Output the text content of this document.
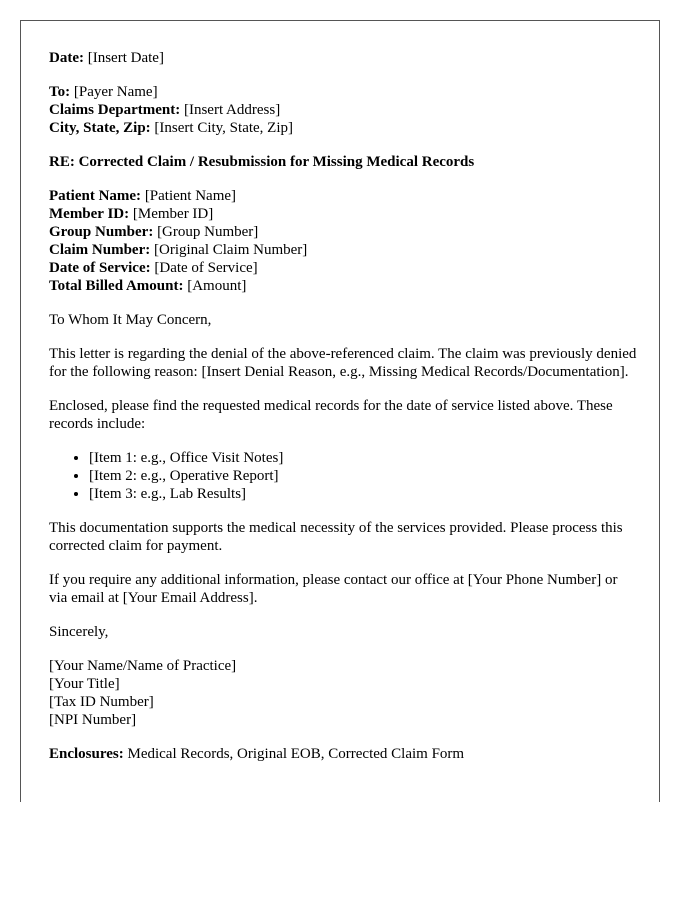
Date: [Insert Date]
To: [Payer Name]
Claims Department: [Insert Address]
City, State, Zip: [Insert City, State, Zip]
RE: Corrected Claim / Resubmission for Missing Medical Records
Patient Name: [Patient Name]
Member ID: [Member ID]
Group Number: [Group Number]
Claim Number: [Original Claim Number]
Date of Service: [Date of Service]
Total Billed Amount: [Amount]

To Whom It May Concern,

This letter is regarding the denial of the above-referenced claim. The claim was previously denied for the following reason: [Insert Denial Reason, e.g., Missing Medical Records/Documentation].

Enclosed, please find the requested medical records for the date of service listed above. These records include:

• [Item 1: e.g., Office Visit Notes]
• [Item 2: e.g., Operative Report]
• [Item 3: e.g., Lab Results]

This documentation supports the medical necessity of the services provided. Please process this corrected claim for payment.

If you require any additional information, please contact our office at [Your Phone Number] or via email at [Your Email Address].

Sincerely,

[Your Name/Name of Practice]
[Your Title]
[Tax ID Number]
[NPI Number]
Enclosures: Medical Records, Original EOB, Corrected Claim Form
